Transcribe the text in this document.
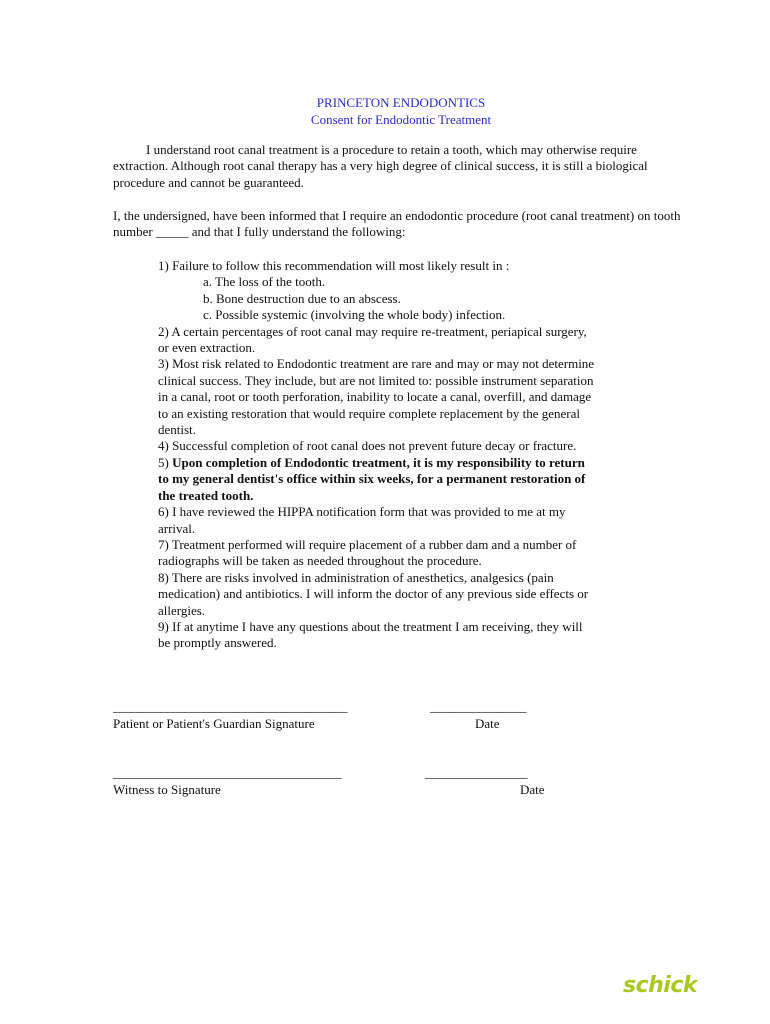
PRINCETON ENDODONTICS
Consent for Endodontic Treatment
I understand root canal treatment is a procedure to retain a tooth, which may otherwise require extraction. Although root canal therapy has a very high degree of clinical success, it is still a biological procedure and cannot be guaranteed.
I, the undersigned, have been informed that I require an endodontic procedure (root canal treatment) on tooth number _____ and that I fully understand the following:
1) Failure to follow this recommendation will most likely result in :
a. The loss of the tooth.
b. Bone destruction due to an abscess.
c. Possible systemic (involving the whole body) infection.
2) A certain percentages of root canal may require re-treatment, periapical surgery, or even extraction.
3) Most risk related to Endodontic treatment are rare and may or may not determine clinical success. They include, but are not limited to: possible instrument separation in a canal, root or tooth perforation, inability to locate a canal, overfill, and damage to an existing restoration that would require complete replacement by the general dentist.
4) Successful completion of root canal does not prevent future decay or fracture.
5) Upon completion of Endodontic treatment, it is my responsibility to return to my general dentist's office within six weeks, for a permanent restoration of the treated tooth.
6) I have reviewed the HIPPA notification form that was provided to me at my arrival.
7) Treatment performed will require placement of a rubber dam and a number of radiographs will be taken as needed throughout the procedure.
8) There are risks involved in administration of anesthetics, analgesics (pain medication) and antibiotics. I will inform the doctor of any previous side effects or allergies.
9) If at anytime I have any questions about the treatment I am receiving, they will be promptly answered.
_______________________________________	________________
Patient or Patient's Guardian Signature	Date
______________________________________	_________________
Witness to Signature	Date
schick
